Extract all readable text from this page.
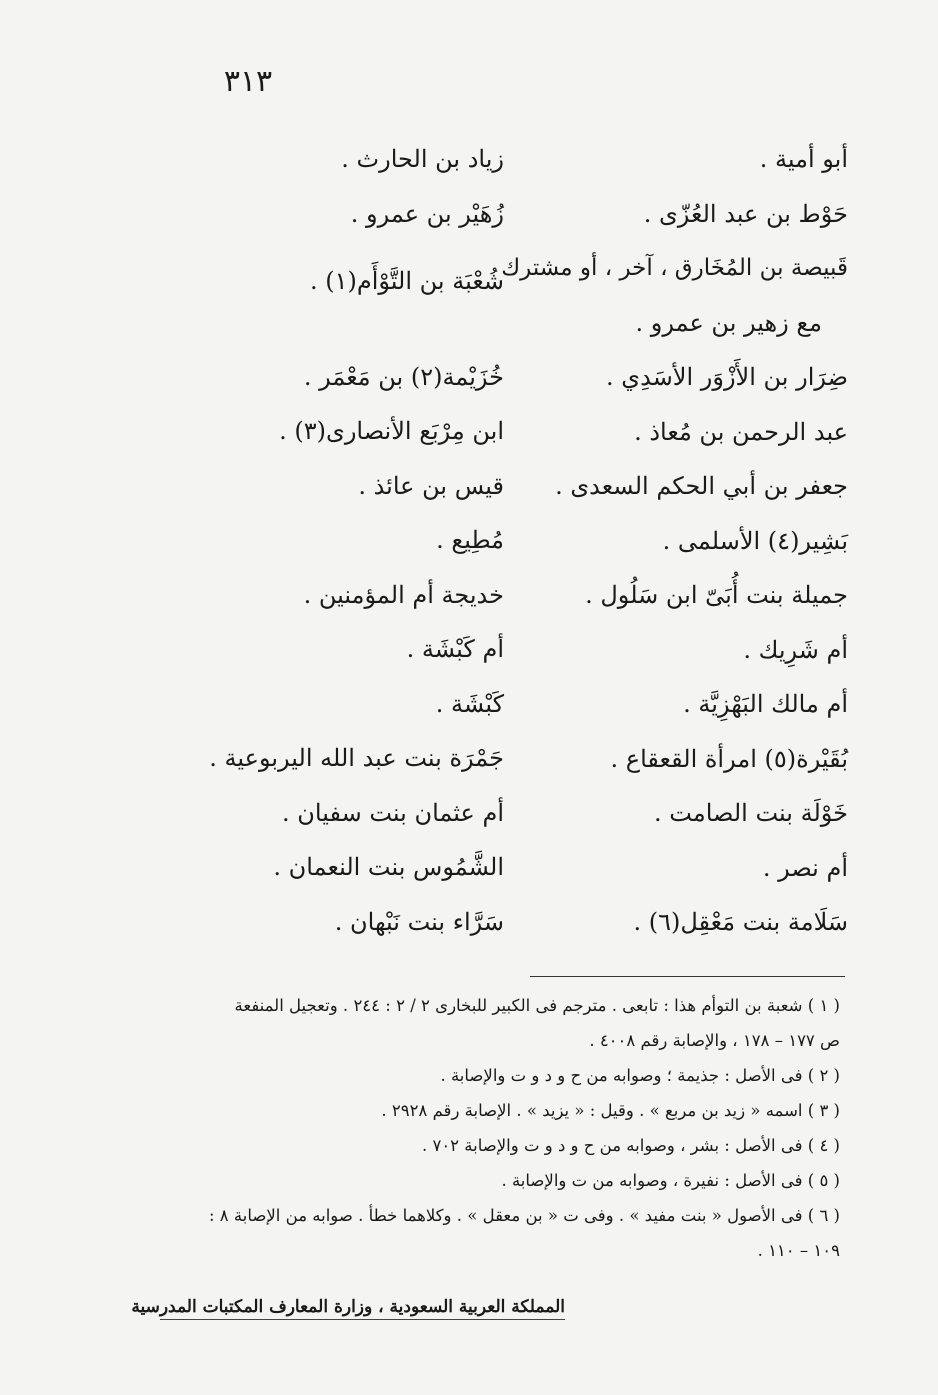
٣١٣
أبو أمية .
حَوْط بن عبد العُزّى .
قَبيصة بن المُخَارق ، آخر ، أو مشترك
مع زهير بن عمرو .
ضِرَار بن الأَزْوَر الأسَدِي .
عبد الرحمن بن مُعاذ .
جعفر بن أبي الحكم السعدى .
بَشِير(٤) الأسلمى .
جميلة بنت أُبَىّ ابن سَلُول .
أم شَرِيك .
أم مالك البَهْزِيَّة .
بُقَيْرة(٥) امرأة القعقاع .
خَوْلَة بنت الصامت .
أم نصر .
سَلَامة بنت مَعْقِل(٦) .
زياد بن الحارث .
زُهَيْر بن عمرو .
شُعْبَة بن التَّوْأَم(١) .
خُزَيْمة(٢) بن مَعْمَر .
ابن مِرْبَع الأنصارى(٣) .
قيس بن عائذ .
مُطِيع .
خديجة أم المؤمنين .
أم كَبْشَة .
كَبْشَة .
جَمْرَة بنت عبد الله اليربوعية .
أم عثمان بنت سفيان .
الشَّمُوس بنت النعمان .
سَرَّاء بنت نَبْهان .
( ١ ) شعبة بن التوأم هذا : تابعى . مترجم فى الكبير للبخارى ٢ / ٢ : ٢٤٤ . وتعجيل المنفعة
ص ١٧٧ – ١٧٨ ، والإصابة رقم ٤٠٠٨ .
( ٢ ) فى الأصل : جذيمة ؛ وصوابه من ح و د و ت والإصابة .
( ٣ ) اسمه « زيد بن مربع » . وقيل : « يزيد » . الإصابة رقم ٢٩٢٨ .
( ٤ ) فى الأصل : بشر ، وصوابه من ح و د و ت والإصابة ٧٠٢ .
( ٥ ) فى الأصل : نفيرة ، وصوابه من ت والإصابة .
( ٦ ) فى الأصول « بنت مفيد » . وفى ت « بن معقل » . وكلاهما خطأ . صوابه من الإصابة ٨ :
١٠٩ – ١١٠ .
المملكة العربية السعودية ، وزارة المعارف المكتبات المدرسية
